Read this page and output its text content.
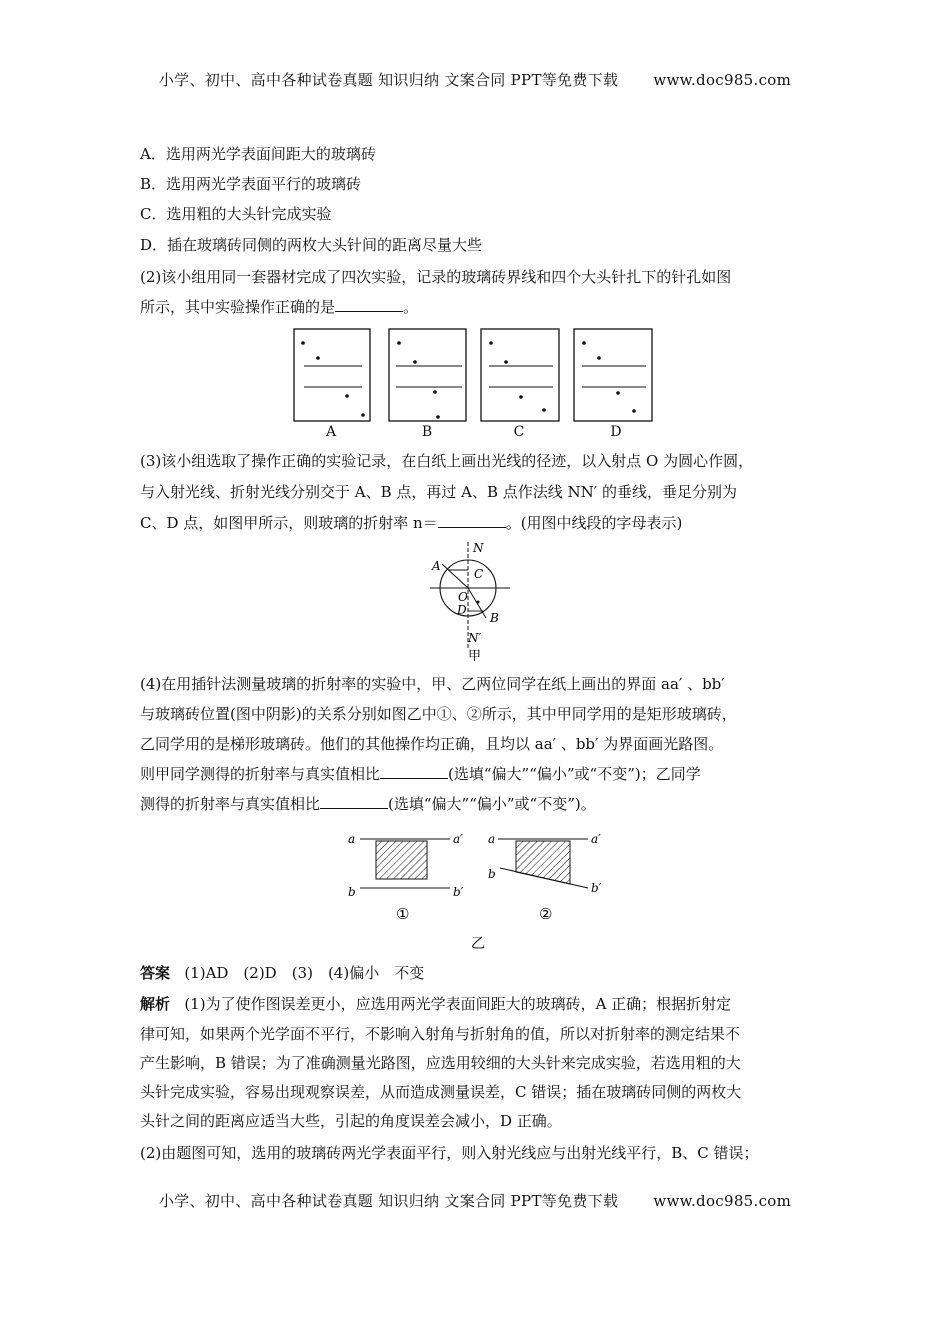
小学、初中、高中各种试卷真题 知识归纳 文案合同 PPT等免费下载 www.doc985.com
A．选用两光学表面间距大的玻璃砖
B．选用两光学表面平行的玻璃砖
C．选用粗的大头针完成实验
D．插在玻璃砖同侧的两枚大头针间的距离尽量大些
(2)该小组用同一套器材完成了四次实验，记录的玻璃砖界线和四个大头针扎下的针孔如图
所示，其中实验操作正确的是	。
A	B	C	D
(3)该小组选取了操作正确的实验记录，在白纸上画出光线的径迹，以入射点 O 为圆心作圆，
与入射光线、折射光线分别交于 A、B 点，再过 A、B 点作法线 NN′ 的垂线，垂足分别为
C、D 点，如图甲所示，则玻璃的折射率 n＝	。(用图中线段的字母表示)
N
A
C
O
D
B
N′
甲
(4)在用插针法测量玻璃的折射率的实验中，甲、乙两位同学在纸上画出的界面 aa′ 、bb′
与玻璃砖位置(图中阴影)的关系分别如图乙中①、②所示，其中甲同学用的是矩形玻璃砖，
乙同学用的是梯形玻璃砖。他们的其他操作均正确，且均以 aa′ 、bb′ 为界面画光路图。
则甲同学测得的折射率与真实值相比	(选填“偏大”“偏小”或“不变”)；乙同学
测得的折射率与真实值相比	(选填“偏大”“偏小”或“不变”)。
a	a′
b	b′
①
a	a′
b
b′
②
乙
答案 (1)AD　(2)D　(3)　(4)偏小　不变
解析 (1)为了使作图误差更小，应选用两光学表面间距大的玻璃砖，A 正确；根据折射定
律可知，如果两个光学面不平行，不影响入射角与折射角的值，所以对折射率的测定结果不
产生影响，B 错误；为了准确测量光路图，应选用较细的大头针来完成实验，若选用粗的大
头针完成实验，容易出现观察误差，从而造成测量误差，C 错误；插在玻璃砖同侧的两枚大
头针之间的距离应适当大些，引起的角度误差会减小，D 正确。
(2)由题图可知，选用的玻璃砖两光学表面平行，则入射光线应与出射光线平行，B、C 错误；
小学、初中、高中各种试卷真题 知识归纳 文案合同 PPT等免费下载 www.doc985.com
